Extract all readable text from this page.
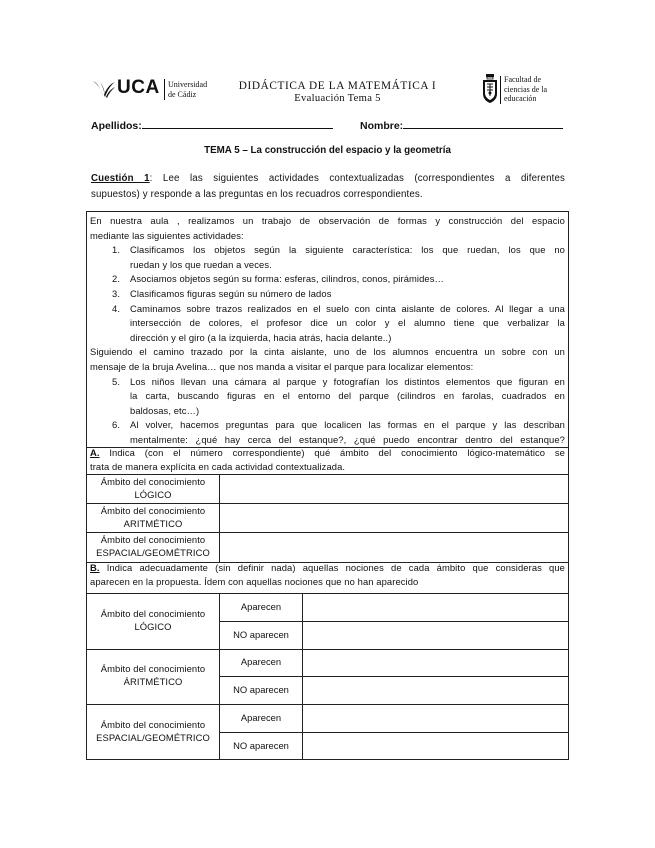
UCA Universidad
de Cádiz
DIDÁCTICA DE LA MATEMÁTICA I
Evaluación Tema 5
Facultad de
ciencias de la
educación
Apellidos:	Nombre:
TEMA 5 – La construcción del espacio y la geometría
Cuestión 1: Lee las siguientes actividades contextualizadas (correspondientes a diferentes
supuestos) y responde a las preguntas en los recuadros correspondientes.
En nuestra aula , realizamos un trabajo de observación de formas y construcción del espacio
mediante las siguientes actividades:
1. Clasificamos los objetos según la siguiente característica: los que ruedan, los que no
ruedan y los que ruedan a veces.
2. Asociamos objetos según su forma: esferas, cilindros, conos, pirámides…
3. Clasificamos figuras según su número de lados
4. Caminamos sobre trazos realizados en el suelo con cinta aislante de colores. Al llegar a una
intersección de colores, el profesor dice un color y el alumno tiene que verbalizar la
dirección y el giro (a la izquierda, hacia atrás, hacia delante..)
Siguiendo el camino trazado por la cinta aislante, uno de los alumnos encuentra un sobre con un
mensaje de la bruja Avelina… que nos manda a visitar el parque para localizar elementos:
5. Los niños llevan una cámara al parque y fotografían los distintos elementos que figuran en
la carta, buscando figuras en el entorno del parque (cilindros en farolas, cuadrados en
baldosas, etc…)
6. Al volver, hacemos preguntas para que localicen las formas en el parque y las describan
mentalmente: ¿qué hay cerca del estanque?, ¿qué puedo encontrar dentro del estanque?
A. Indica (con el número correspondiente) qué ámbito del conocimiento lógico-matemático se
trata de manera explícita en cada actividad contextualizada.
Ámbito del conocimiento
LÓGICO
Ámbito del conocimiento
ARITMÉTICO
Ámbito del conocimiento
ESPACIAL/GEOMÉTRICO
B. Indica adecuadamente (sin definir nada) aquellas nociones de cada ámbito que consideras que
aparecen en la propuesta. Ídem con aquellas nociones que no han aparecido
Ámbito del conocimiento
LÓGICO
Ámbito del conocimiento
ÁRITMÉTICO
Ámbito del conocimiento
ESPACIAL/GEOMÉTRICO
Aparecen
NO aparecen
Aparecen
NO aparecen
Aparecen
NO aparecen
